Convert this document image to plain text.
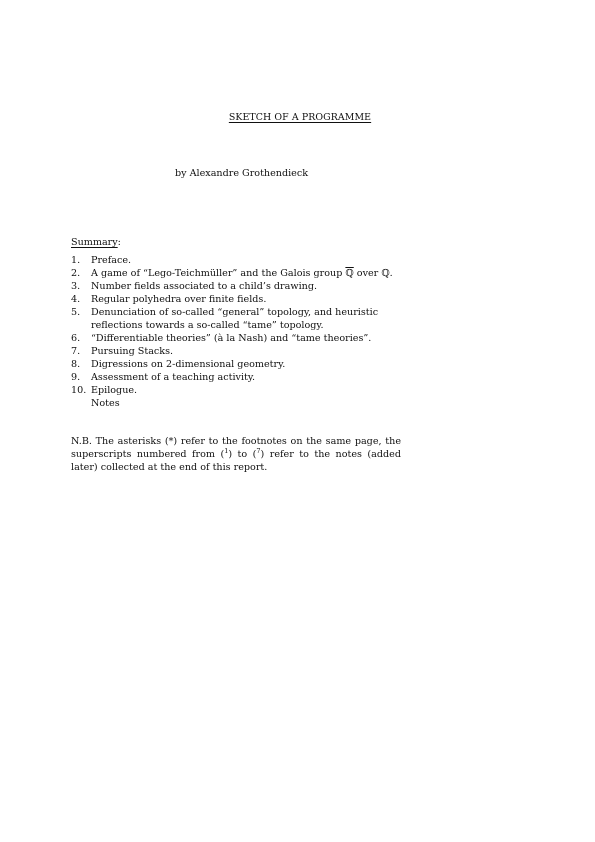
SKETCH OF A PROGRAMME
by Alexandre Grothendieck
Summary:
1.	Preface.
2.	A game of “Lego-Teichmüller” and the Galois group ℚ over ℚ.
3.	Number fields associated to a child’s drawing.
4.	Regular polyhedra over finite fields.
5.	Denunciation of so-called “general” topology, and heuristic reflections towards a so-called “tame” topology.
6.	“Differentiable theories” (à la Nash) and “tame theories”.
7.	Pursuing Stacks.
8.	Digressions on 2-dimensional geometry.
9.	Assessment of a teaching activity.
10. Epilogue.
Notes

N.B. The asterisks (*) refer to the footnotes on the same page, the superscripts numbered from ($^1$) to ($^7$) refer to the notes (added later) collected at the end of this report.
